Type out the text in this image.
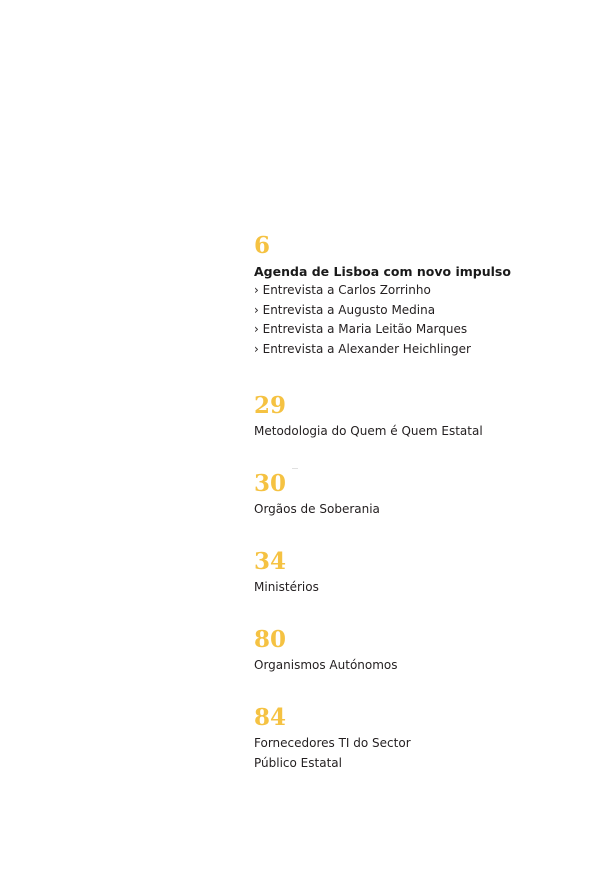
6
Agenda de Lisboa com novo impulso
› Entrevista a Carlos Zorrinho
› Entrevista a Augusto Medina
› Entrevista a Maria Leitão Marques
› Entrevista a Alexander Heichlinger
29
Metodologia do Quem é Quem Estatal
30
Orgãos de Soberania
34
Ministérios
80
Organismos Autónomos
84
Fornecedores TI do Sector
Público Estatal
